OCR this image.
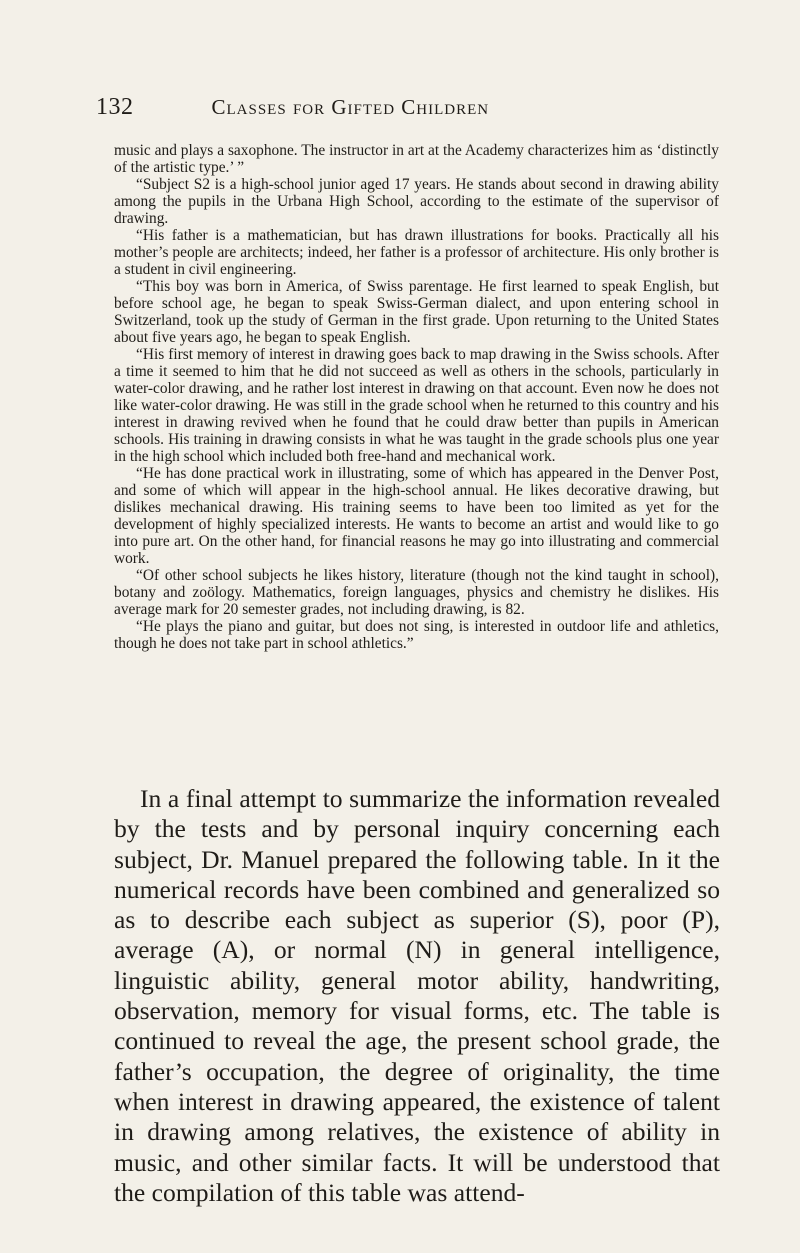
132	Classes for Gifted Children

music and plays a saxophone. The instructor in art at the Academy characterizes him as ‘distinctly of the artistic type.’ ”

“Subject S2 is a high-school junior aged 17 years. He stands about second in drawing ability among the pupils in the Urbana High School, according to the estimate of the supervisor of drawing.

“His father is a mathematician, but has drawn illustrations for books. Practically all his mother’s people are architects; indeed, her father is a professor of architecture. His only brother is a student in civil engineering.

“This boy was born in America, of Swiss parentage. He first learned to speak English, but before school age, he began to speak Swiss-German dialect, and upon entering school in Switzerland, took up the study of German in the first grade. Upon returning to the United States about five years ago, he began to speak English.

“His first memory of interest in drawing goes back to map drawing in the Swiss schools. After a time it seemed to him that he did not succeed as well as others in the schools, particularly in water-color drawing, and he rather lost interest in drawing on that account. Even now he does not like water-color drawing. He was still in the grade school when he returned to this country and his interest in drawing revived when he found that he could draw better than pupils in American schools. His training in drawing consists in what he was taught in the grade schools plus one year in the high school which included both free-hand and mechanical work.

“He has done practical work in illustrating, some of which has appeared in the Denver Post, and some of which will appear in the high-school annual. He likes decorative drawing, but dislikes mechanical drawing. His training seems to have been too limited as yet for the development of highly specialized interests. He wants to become an artist and would like to go into pure art. On the other hand, for financial reasons he may go into illustrating and commercial work.

“Of other school subjects he likes history, literature (though not the kind taught in school), botany and zoölogy. Mathematics, foreign languages, physics and chemistry he dislikes. His average mark for 20 semester grades, not including drawing, is 82.

“He plays the piano and guitar, but does not sing, is interested in outdoor life and athletics, though he does not take part in school athletics.”

In a final attempt to summarize the information revealed by the tests and by personal inquiry concerning each subject, Dr. Manuel prepared the following table. In it the numerical records have been combined and generalized so as to describe each subject as superior (S), poor (P), average (A), or normal (N) in general intelligence, linguistic ability, general motor ability, handwriting, observation, memory for visual forms, etc. The table is continued to reveal the age, the present school grade, the father’s occupation, the degree of originality, the time when interest in drawing appeared, the existence of talent in drawing among relatives, the existence of ability in music, and other similar facts. It will be understood that the compilation of this table was attend-
